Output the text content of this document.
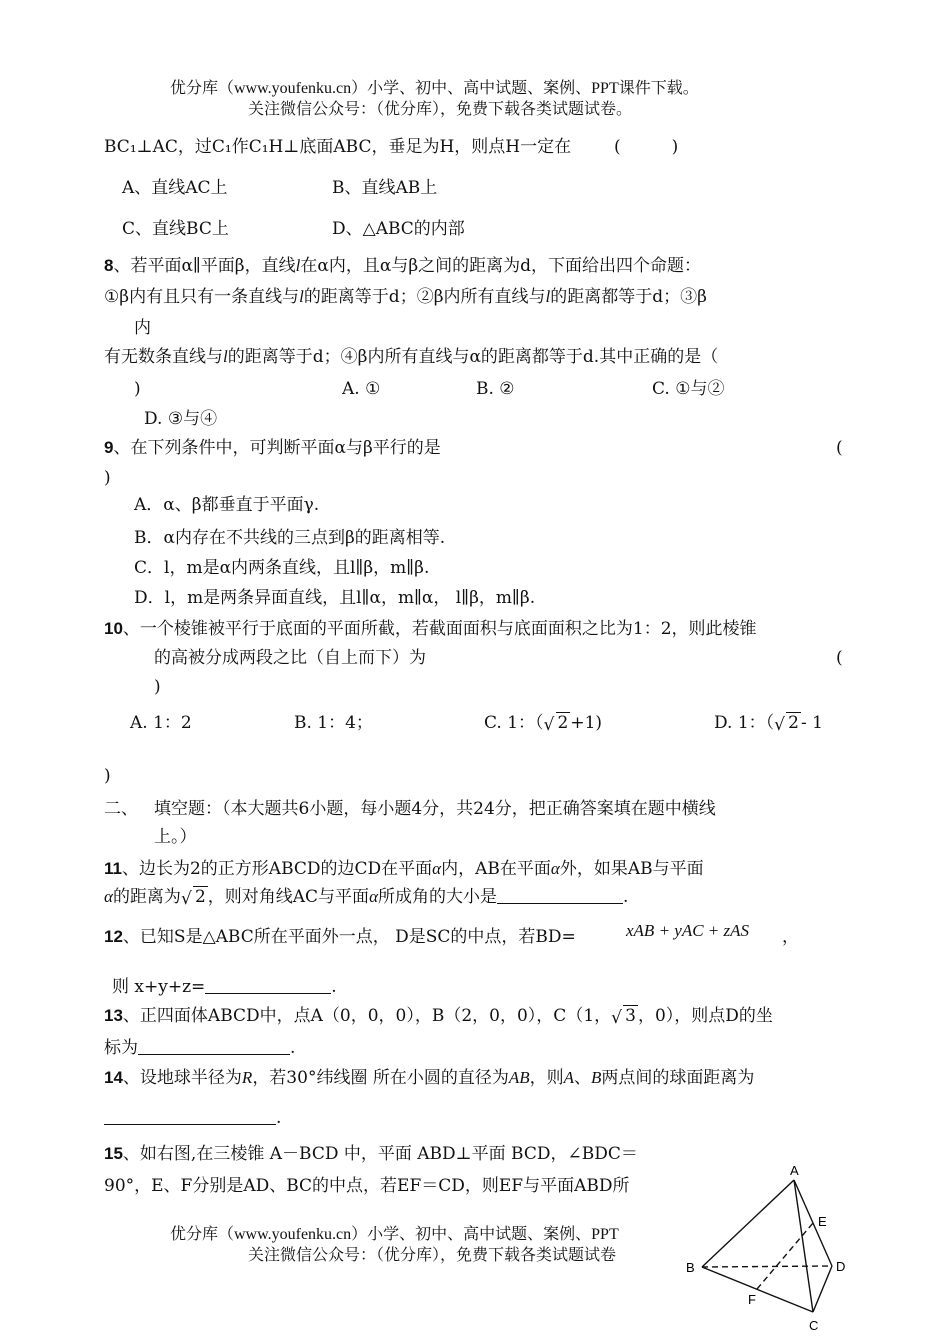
优分库（www.youfenku.cn）小学、初中、高中试题、案例、PPT课件下载。
关注微信公众号：（优分库），免费下载各类试题试卷。
BC₁⊥AC，过C₁作C₁H⊥底面ABC，垂足为H，则点H一定在	(　　　)
A、直线AC上	B、直线AB上
C、直线BC上	D、△ABC的内部
8、若平面α∥平面β，直线l在α内，且α与β之间的距离为d，下面给出四个命题：
①β内有且只有一条直线与l的距离等于d；②β内所有直线与l的距离都等于d；③β
内
有无数条直线与l的距离等于d；④β内所有直线与α的距离都等于d.其中正确的是（
)	A. ①	B. ②	C. ①与②
D. ③与④
9、在下列条件中，可判断平面α与β平行的是	(
)
A．α、β都垂直于平面γ.
B．α内存在不共线的三点到β的距离相等.
C．l，m是α内两条直线，且l∥β，m∥β.
D．l，m是两条异面直线，且l∥α，m∥α， l∥β，m∥β.
10、一个棱锥被平行于底面的平面所截，若截面面积与底面面积之比为1：2，则此棱锥
的高被分成两段之比（自上而下）为	(
)
A. 1：2	B. 1：4；	C. 1：（ √ 2 +1)	D. 1：（ √ 2 - 1
)
二、 填空题：（本大题共6小题，每小题4分，共24分，把正确答案填在题中横线
上。）
11、边长为2的正方形ABCD的边CD在平面α内，AB在平面α外，如果AB与平面
α的距离为 √ 2 ，则对角线AC与平面α所成角的大小是	.
12、已知S是△ABC所在平面外一点， D是SC的中点，若BD=	xAB + yAC + zAS ，
则 x+y+z=	.
13、正四面体ABCD中，点A（0，0，0），B（2，0，0），C（1， √ 3 ，0），则点D的坐
标为	.
14、设地球半径为R，若30°纬线圈 所在小圆的直径为AB，则A、B两点间的球面距离为
.
15、如右图,在三棱锥 A－BCD 中，平面 ABD⊥平面 BCD，∠BDC＝
90°，E、F分别是AD、BC的中点，若EF＝CD，则EF与平面ABD所
优分库（www.youfenku.cn）小学、初中、高中试题、案例、PPT
关注微信公众号：（优分库），免费下载各类试题试卷
A
B
C
D
E
F
